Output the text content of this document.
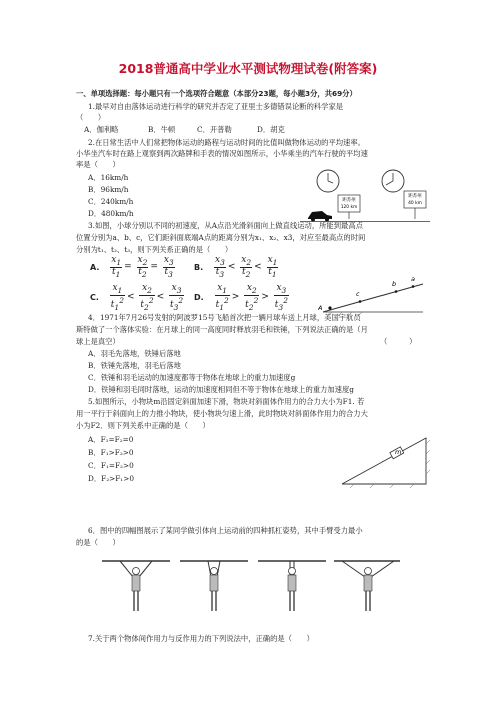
2018普通高中学业水平测试物理试卷(附答案)
一、单项选择题：每小题只有一个选项符合题意（本部分23题，每小题3分，共69分）
1.最早对自由落体运动进行科学的研究并否定了亚里士多德错误论断的科学家是
（　　）
A．伽利略	B．牛顿	C．开普勒	D．胡克
2.在日常生活中人们常把物体运动的路程与运动时间的比值叫做物体运动的平均速率。
小华坐汽车时在路上观察到两次路牌和手表的情况如图所示，小华乘坐的汽车行驶的平均速
率是（　　）
A．16km/h
B．96km/h
C．240km/h
D．480km/h
距苏州
120 km
距苏州
40 km
3.如图，小球分别以不同的初速度，从A点沿光滑斜面向上做直线运动，所能到最高点
位置分别为a、b、c，它们距斜面底端A点的距离分别为x₁、x₂、x3，对应至最高点的时间
分别为t₁、t₂、t₃，则下列关系正确的是（　　）
A. $\frac{x_1}{t_1} = \frac{x_2}{t_2} = \frac{x_3}{t_3} B$. $\frac{x_3}{t_3} < \frac{x_2}{t_2} < \frac{x_1}{t_1}$
C. $\frac{x_1}{t_1^2} < \frac{x_2}{t_2^2} < \frac{x_3}{t_3^2} D$. $\frac{x_1}{t_1^2} > \frac{x_2}{t_2^2} > \frac{x_3}{t_3^2}$	A
c
b
a
4．1971年7月26号发射的阿波罗15号飞船首次把一辆月球车送上月球，美国宇航员
斯特做了一个落体实验：在月球上的同一高度同时释放羽毛和铁锤，下列说法正确的是（月
球上是真空）	（　　　）
A．羽毛先落地，铁锤后落地
B．铁锤先落地，羽毛后落地
C．铁锤和羽毛运动的加速度都等于物体在地球上的重力加速度g
D．铁锤和羽毛同时落地，运动的加速度相同但不等于物体在地球上的重力加速度g
5.如图所示，小物块m沿固定斜面加速下滑，物块对斜面体作用力的合力大小为F1. 若
用一平行于斜面向上的力推小物块，使小物块匀速上滑，此时物块对斜面体作用力的合力大
小为F2．则下列关系中正确的是（　　）
A．F₁=F₂=0
B．F₁>F₂>0
C．F₁=F₂>0
D．F₂>F₁>0
m
6．图中的四幅图展示了某同学做引体向上运动前的四种抓杠姿势，其中手臂受力最小
的是（　　）
7.关于两个物体间作用力与反作用力的下列说法中，正确的是（　　）
